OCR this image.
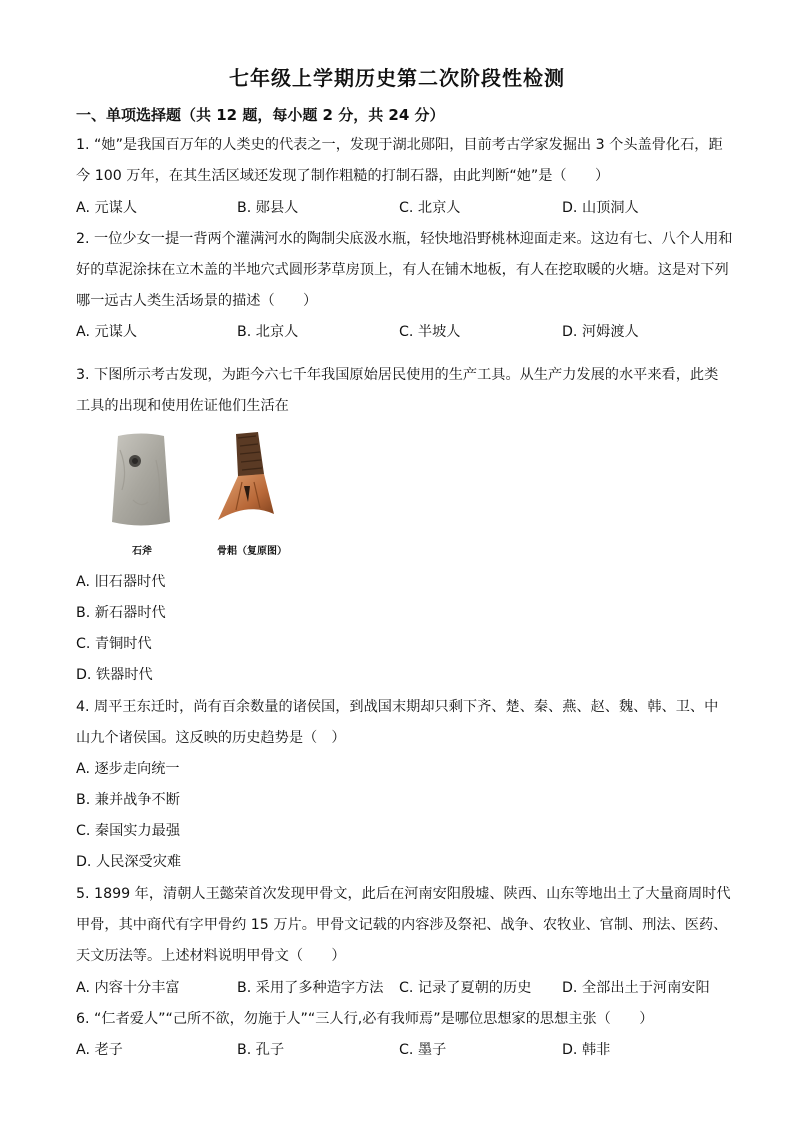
七年级上学期历史第二次阶段性检测
一、单项选择题（共 12 题，每小题 2 分，共 24 分）
1. “她”是我国百万年的人类史的代表之一，发现于湖北郧阳，目前考古学家发掘出 3 个头盖骨化石，距
今 100 万年，在其生活区域还发现了制作粗糙的打制石器，由此判断“她”是（　　）
A. 元谋人	B. 郧县人	C. 北京人	D. 山顶洞人
2. 一位少女一提一背两个灌满河水的陶制尖底汲水瓶，轻快地沿野桃林迎面走来。这边有七、八个人用和
好的草泥涂抹在立木盖的半地穴式圆形茅草房顶上，有人在铺木地板，有人在挖取暖的火塘。这是对下列
哪一远古人类生活场景的描述（　　）
A. 元谋人	B. 北京人	C. 半坡人	D. 河姆渡人
3. 下图所示考古发现，为距今六七千年我国原始居民使用的生产工具。从生产力发展的水平来看，此类
工具的出现和使用佐证他们生活在
石斧	骨耜（复原图）
A. 旧石器时代
B. 新石器时代
C. 青铜时代
D. 铁器时代
4. 周平王东迁时，尚有百余数量的诸侯国，到战国末期却只剩下齐、楚、秦、燕、赵、魏、韩、卫、中
山九个诸侯国。这反映的历史趋势是（　）
A. 逐步走向统一
B. 兼并战争不断
C. 秦国实力最强
D. 人民深受灾难
5. 1899 年，清朝人王懿荣首次发现甲骨文，此后在河南安阳殷墟、陕西、山东等地出土了大量商周时代
甲骨，其中商代有字甲骨约 15 万片。甲骨文记载的内容涉及祭祀、战争、农牧业、官制、刑法、医药、
天文历法等。上述材料说明甲骨文（　　）
A. 内容十分丰富	B. 采用了多种造字方法 C. 记录了夏朝的历史 D. 全部出土于河南安阳
6. “仁者爱人”“己所不欲，勿施于人”“三人行,必有我师焉”是哪位思想家的思想主张（　　）
A. 老子	B. 孔子	C. 墨子	D. 韩非
